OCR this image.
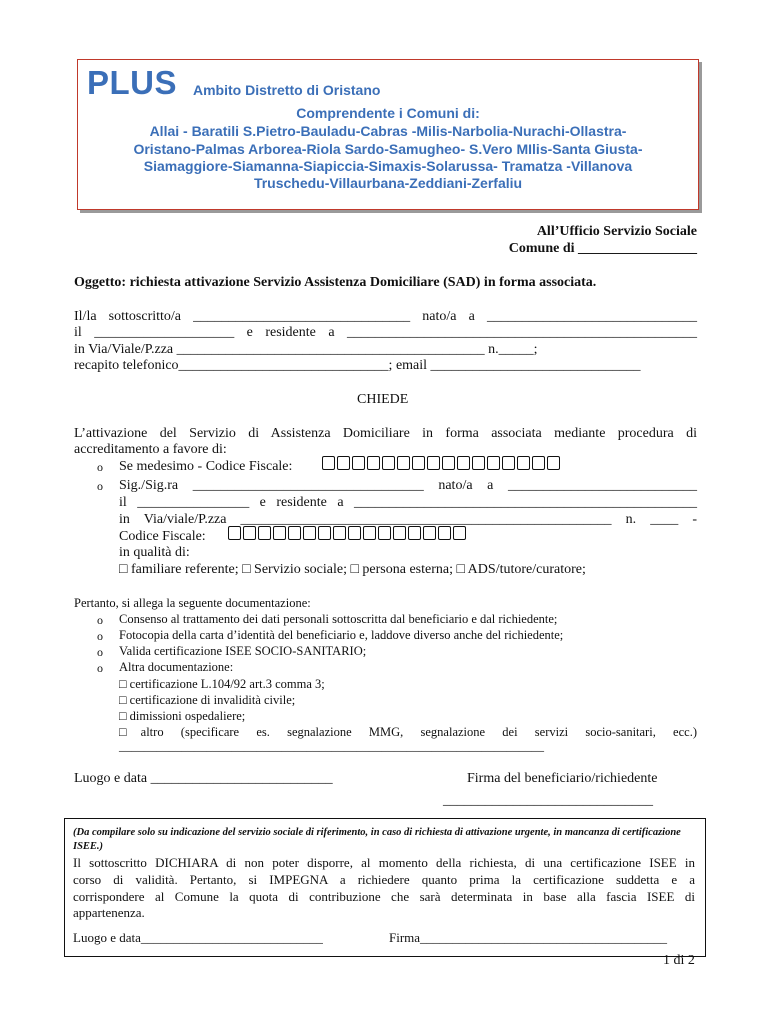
PLUS Ambito Distretto di Oristano
Comprendente i Comuni di:
Allai - Baratili S.Pietro-Bauladu-Cabras -Milis-Narbolia-Nurachi-Ollastra-
Oristano-Palmas Arborea-Riola Sardo-Samugheo- S.Vero MIlis-Santa Giusta-
Siamaggiore-Siamanna-Siapiccia-Simaxis-Solarussa- Tramatza -Villanova
Truschedu-Villaurbana-Zeddiani-Zerfaliu
All’Ufficio Servizio Sociale
Comune di _________________
Oggetto: richiesta attivazione Servizio Assistenza Domiciliare (SAD) in forma associata.
Il/la sottoscritto/a _______________________________ nato/a a ______________________________
il ____________________ e residente a __________________________________________________
in Via/Viale/P.zza ____________________________________________ n._____;
recapito telefonico______________________________; email ______________________________
CHIEDE
L’attivazione del Servizio di Assistenza Domiciliare in forma associata mediante procedura di
accreditamento a favore di:
o Se medesimo - Codice Fiscale:
o Sig./Sig.ra _________________________________ nato/a a ___________________________
il ________________ e residente a _________________________________________________
in Via/viale/P.zza _____________________________________________________ n. ____ -
Codice Fiscale:
in qualità di:
□ familiare referente; □ Servizio sociale; □ persona esterna; □ ADS/tutore/curatore;
Pertanto, si allega la seguente documentazione:
o Consenso al trattamento dei dati personali sottoscritta dal beneficiario e dal richiedente;
o Fotocopia della carta d’identità del beneficiario e, laddove diverso anche del richiedente;
o Valida certificazione ISEE SOCIO-SANITARIO;
o Altra documentazione:
□ certificazione L.104/92 art.3 comma 3;
□ certificazione di invalidità civile;
□ dimissioni ospedaliere;
□altro (specificare es. segnalazione MMG, segnalazione dei servizi socio-sanitari, ecc.)
____________________________________________________________________
Luogo e data __________________________	Firma del beneficiario/richiedente
______________________________
(Da compilare solo su indicazione del servizio sociale di riferimento, in caso di richiesta di attivazione urgente, in mancanza di certificazione ISEE.)
Il sottoscritto DICHIARA di non poter disporre, al momento della richiesta, di una certificazione ISEE in
corso di validità. Pertanto, si IMPEGNA a richiedere quanto prima la certificazione suddetta e a
corrispondere al Comune la quota di contribuzione che sarà determinata in base alla fascia ISEE di
appartenenza.
Luogo e data____________________________	Firma______________________________________
1 di 2
